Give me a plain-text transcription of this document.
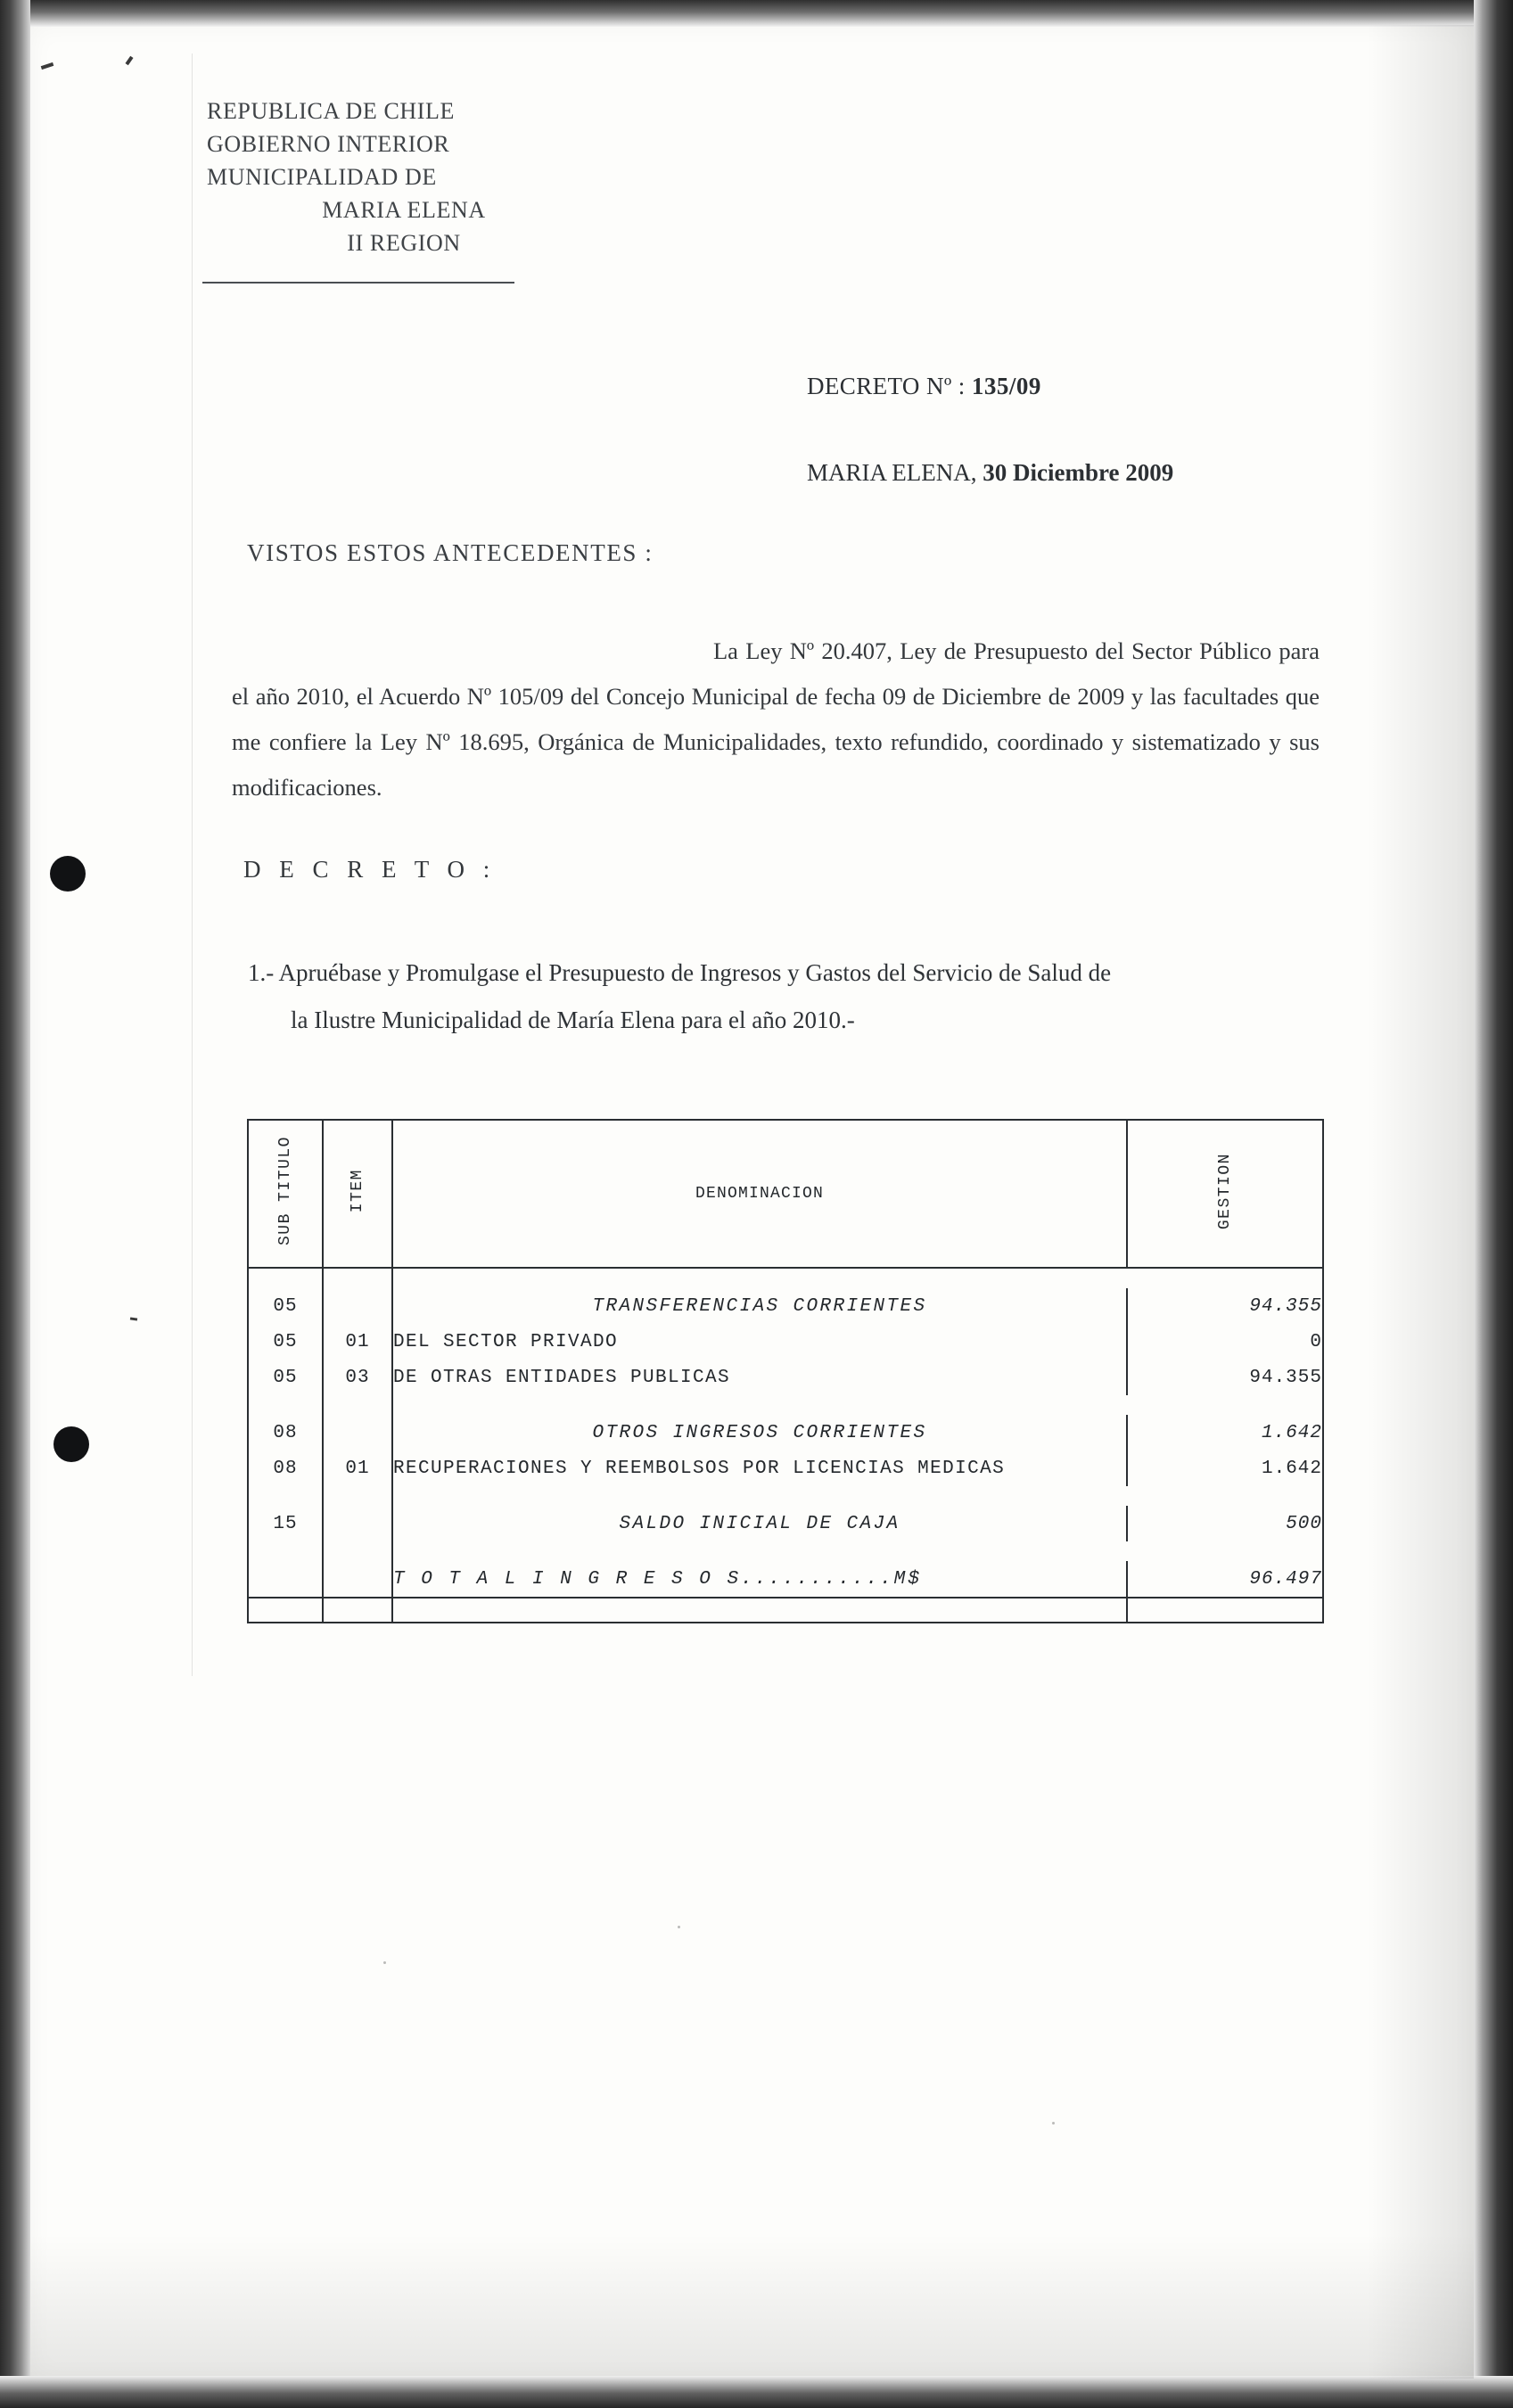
REPUBLICA DE CHILE
GOBIERNO INTERIOR
MUNICIPALIDAD DE
MARIA ELENA
II REGION
DECRETO Nº : 135/09
MARIA ELENA, 30 Diciembre 2009
VISTOS ESTOS ANTECEDENTES :
La Ley Nº 20.407, Ley de Presupuesto del Sector Público para el año 2010, el Acuerdo Nº 105/09 del Concejo Municipal de fecha 09 de Diciembre de 2009 y las facultades que me confiere la Ley Nº 18.695, Orgánica de Municipalidades, texto refundido, coordinado y sistematizado y sus modificaciones.
D E C R E T O :
1.- Apruébase y Promulgase el Presupuesto de Ingresos y Gastos del Servicio de Salud de
la Ilustre Municipalidad de María Elena para el año 2010.-
SUB TITULO	ITEM	DENOMINACION	GESTION

05		TRANSFERENCIAS CORRIENTES	94.355
05	01	DEL SECTOR PRIVADO	0
05	03	DE OTRAS ENTIDADES PUBLICAS	94.355

08		OTROS INGRESOS CORRIENTES	1.642
08	01	RECUPERACIONES Y REEMBOLSOS POR LICENCIAS MEDICAS	1.642

15		SALDO INICIAL DE CAJA	500

		T O T A L I N G R E S O S...........M$	96.497
